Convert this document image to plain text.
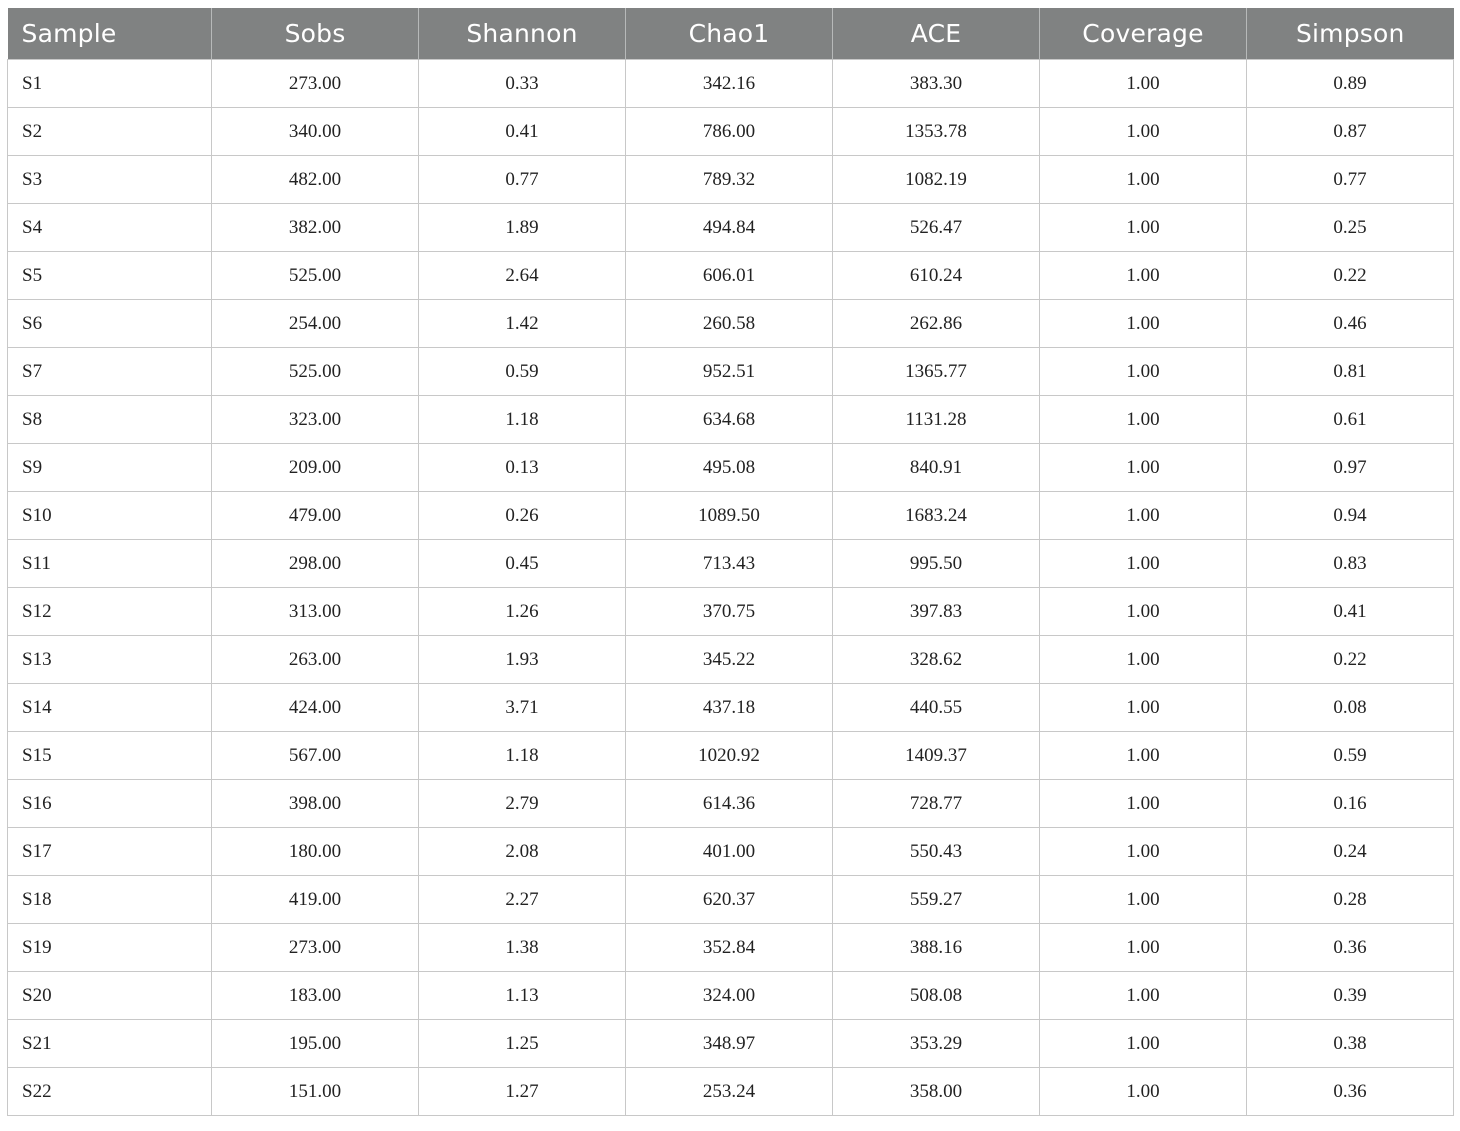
Sample	Sobs	Shannon	Chao1	ACE	Coverage	Simpson
S1	273.00	0.33	342.16	383.30	1.00	0.89
S2	340.00	0.41	786.00	1353.78	1.00	0.87
S3	482.00	0.77	789.32	1082.19	1.00	0.77
S4	382.00	1.89	494.84	526.47	1.00	0.25
S5	525.00	2.64	606.01	610.24	1.00	0.22
S6	254.00	1.42	260.58	262.86	1.00	0.46
S7	525.00	0.59	952.51	1365.77	1.00	0.81
S8	323.00	1.18	634.68	1131.28	1.00	0.61
S9	209.00	0.13	495.08	840.91	1.00	0.97
S10	479.00	0.26	1089.50	1683.24	1.00	0.94
S11	298.00	0.45	713.43	995.50	1.00	0.83
S12	313.00	1.26	370.75	397.83	1.00	0.41
S13	263.00	1.93	345.22	328.62	1.00	0.22
S14	424.00	3.71	437.18	440.55	1.00	0.08
S15	567.00	1.18	1020.92	1409.37	1.00	0.59
S16	398.00	2.79	614.36	728.77	1.00	0.16
S17	180.00	2.08	401.00	550.43	1.00	0.24
S18	419.00	2.27	620.37	559.27	1.00	0.28
S19	273.00	1.38	352.84	388.16	1.00	0.36
S20	183.00	1.13	324.00	508.08	1.00	0.39
S21	195.00	1.25	348.97	353.29	1.00	0.38
S22	151.00	1.27	253.24	358.00	1.00	0.36
